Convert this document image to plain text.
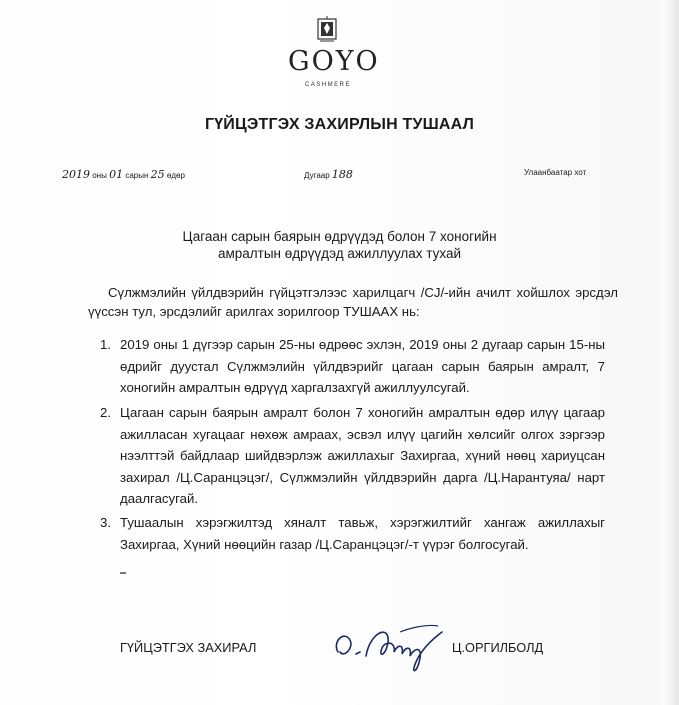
GOYO
CASHMERE
ГҮЙЦЭТГЭХ ЗАХИРЛЫН ТУШААЛ
2019 оны 01 сарын 25 өдөр	Дугаар 188	Улаанбаатар хот
Цагаан сарын баярын өдрүүдэд болон 7 хоногийн
амралтын өдрүүдэд ажиллуулах тухай
Сүлжмэлийн үйлдвэрийн гүйцэтгэлээс харилцагч /CJ/-ийн ачилт хойшлох эрсдэл үүссэн тул, эрсдэлийг арилгах зорилгоор ТУШААХ нь:
1. 2019 оны 1 дүгээр сарын 25-ны өдрөөс эхлэн, 2019 оны 2 дугаар сарын 15-ны өдрийг дуустал Сүлжмэлийн үйлдвэрийг цагаан сарын баярын амралт, 7 хоногийн амралтын өдрүүд харгалзахгүй ажиллуулсугай.
2. Цагаан сарын баярын амралт болон 7 хоногийн амралтын өдөр илүү цагаар ажилласан хугацааг нөхөж амраах, эсвэл илүү цагийн хөлсийг олгох зэргээр нээлттэй байдлаар шийдвэрлэж ажиллахыг Захиргаа, хүний нөөц хариуцсан захирал /Ц.Саранцэцэг/, Сүлжмэлийн үйлдвэрийн дарга /Ц.Нарантуяа/ нарт даалгасугай.
3. Тушаалын хэрэгжилтэд хяналт тавьж, хэрэгжилтийг хангаж ажиллахыг Захиргаа, Хүний нөөцийн газар /Ц.Саранцэцэг/-т үүрэг болгосугай.
ГҮЙЦЭТГЭХ ЗАХИРАЛ	Ц.ОРГИЛБОЛД
